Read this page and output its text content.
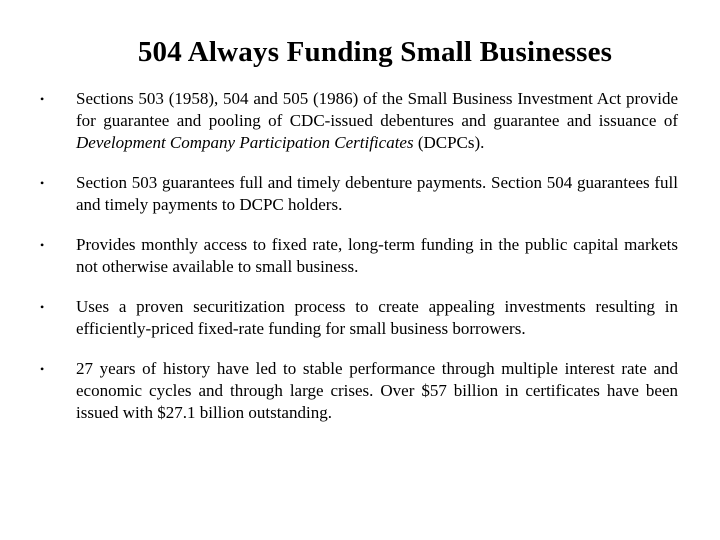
504 Always Funding Small Businesses
• Sections 503 (1958), 504 and 505 (1986) of the Small Business Investment Act provide for guarantee and pooling of CDC-issued debentures and guarantee and issuance of Development Company Participation Certificates (DCPCs).
• Section 503 guarantees full and timely debenture payments. Section 504 guarantees full and timely payments to DCPC holders.
• Provides monthly access to fixed rate, long-term funding in the public capital markets not otherwise available to small business.
• Uses a proven securitization process to create appealing investments resulting in efficiently-priced fixed-rate funding for small business borrowers.
• 27 years of history have led to stable performance through multiple interest rate and economic cycles and through large crises. Over $57 billion in certificates have been issued with $27.1 billion outstanding.
